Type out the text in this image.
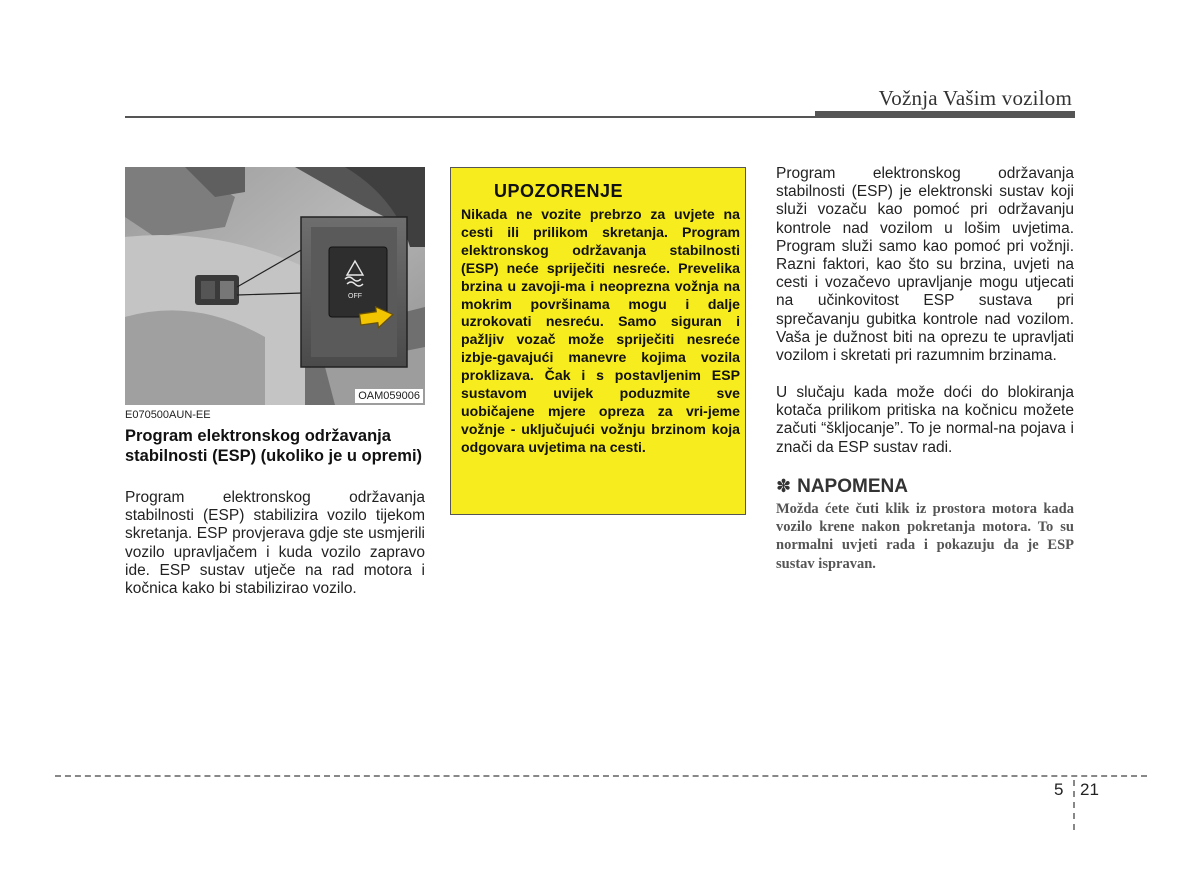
Vožnja Vašim vozilom
OFF
OAM059006
E070500AUN-EE
Program elektronskog održavanja stabilnosti (ESP) (ukoliko je u opremi)

Program elektronskog održavanja stabilnosti (ESP) stabilizira vozilo tijekom skretanja. ESP provjerava gdje ste usmjerili vozilo upravljačem i kuda vozilo zapravo ide. ESP sustav utječe na rad motora i kočnica kako bi stabilizirao vozilo.

UPOZORENJE

Nikada ne vozite prebrzo za uvjete na cesti ili prilikom skretanja. Program elektronskog održavanja stabilnosti (ESP) neće spriječiti nesreće. Prevelika brzina u zavoji-ma i neoprezna vožnja na mokrim površinama mogu i dalje uzrokovati nesreću. Samo siguran i pažljiv vozač može spriječiti nesreće izbje-gavajući manevre kojima vozila proklizava. Čak i s postavljenim ESP sustavom uvijek poduzmite sve uobičajene mjere opreza za vri-jeme vožnje - uključujući vožnju brzinom koja odgovara uvjetima na cesti.

Program elektronskog održavanja stabilnosti (ESP) je elektronski sustav koji služi vozaču kao pomoć pri održavanju kontrole nad vozilom u lošim uvjetima. Program služi samo kao pomoć pri vožnji. Razni faktori, kao što su brzina, uvjeti na cesti i vozačevo upravljanje mogu utjecati na učinkovitost ESP sustava pri sprečavanju gubitka kontrole nad vozilom. Vaša je dužnost biti na oprezu te upravljati vozilom i skretati pri razumnim brzinama.

U slučaju kada može doći do blokiranja kotača prilikom pritiska na kočnicu možete začuti “škljocanje”. To je normal-na pojava i znači da ESP sustav radi.

✽ NAPOMENA

Možda ćete čuti klik iz prostora motora kada vozilo krene nakon pokretanja motora. To su normalni uvjeti rada i pokazuju da je ESP sustav ispravan.

5 21
